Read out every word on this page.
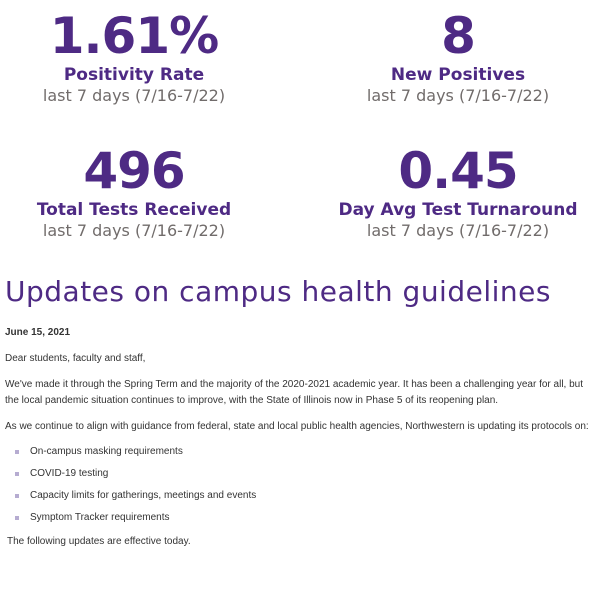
1.61%
Positivity Rate
last 7 days (7/16-7/22)
8
New Positives
last 7 days (7/16-7/22)
496
Total Tests Received
last 7 days (7/16-7/22)
0.45
Day Avg Test Turnaround
last 7 days (7/16-7/22)
Updates on campus health guidelines

June 15, 2021

Dear students, faculty and staff,

We've made it through the Spring Term and the majority of the 2020-2021 academic year. It has been a challenging year for all, but the local pandemic situation continues to improve, with the State of Illinois now in Phase 5 of its reopening plan.

As we continue to align with guidance from federal, state and local public health agencies, Northwestern is updating its protocols on:

On-campus masking requirements
COVID-19 testing
Capacity limits for gatherings, meetings and events
Symptom Tracker requirements

The following updates are effective today.
